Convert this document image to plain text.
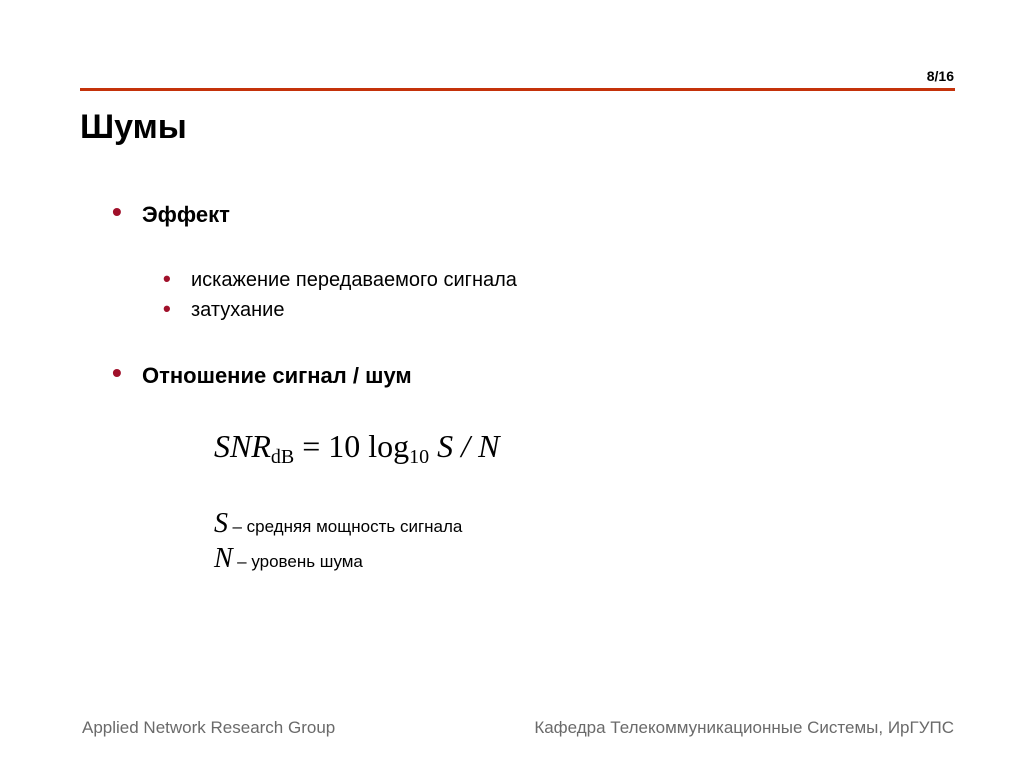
8/16
Шумы
• Эффект
• искажение передаваемого сигнала
• затухание
• Отношение сигнал / шум
$SNR_{dB} = 10$ $\log_{10} S$ / N
S – средняя мощность сигнала
N – уровень шума
Applied Network Research Group	Кафедра Телекоммуникационные Системы, ИрГУПС
